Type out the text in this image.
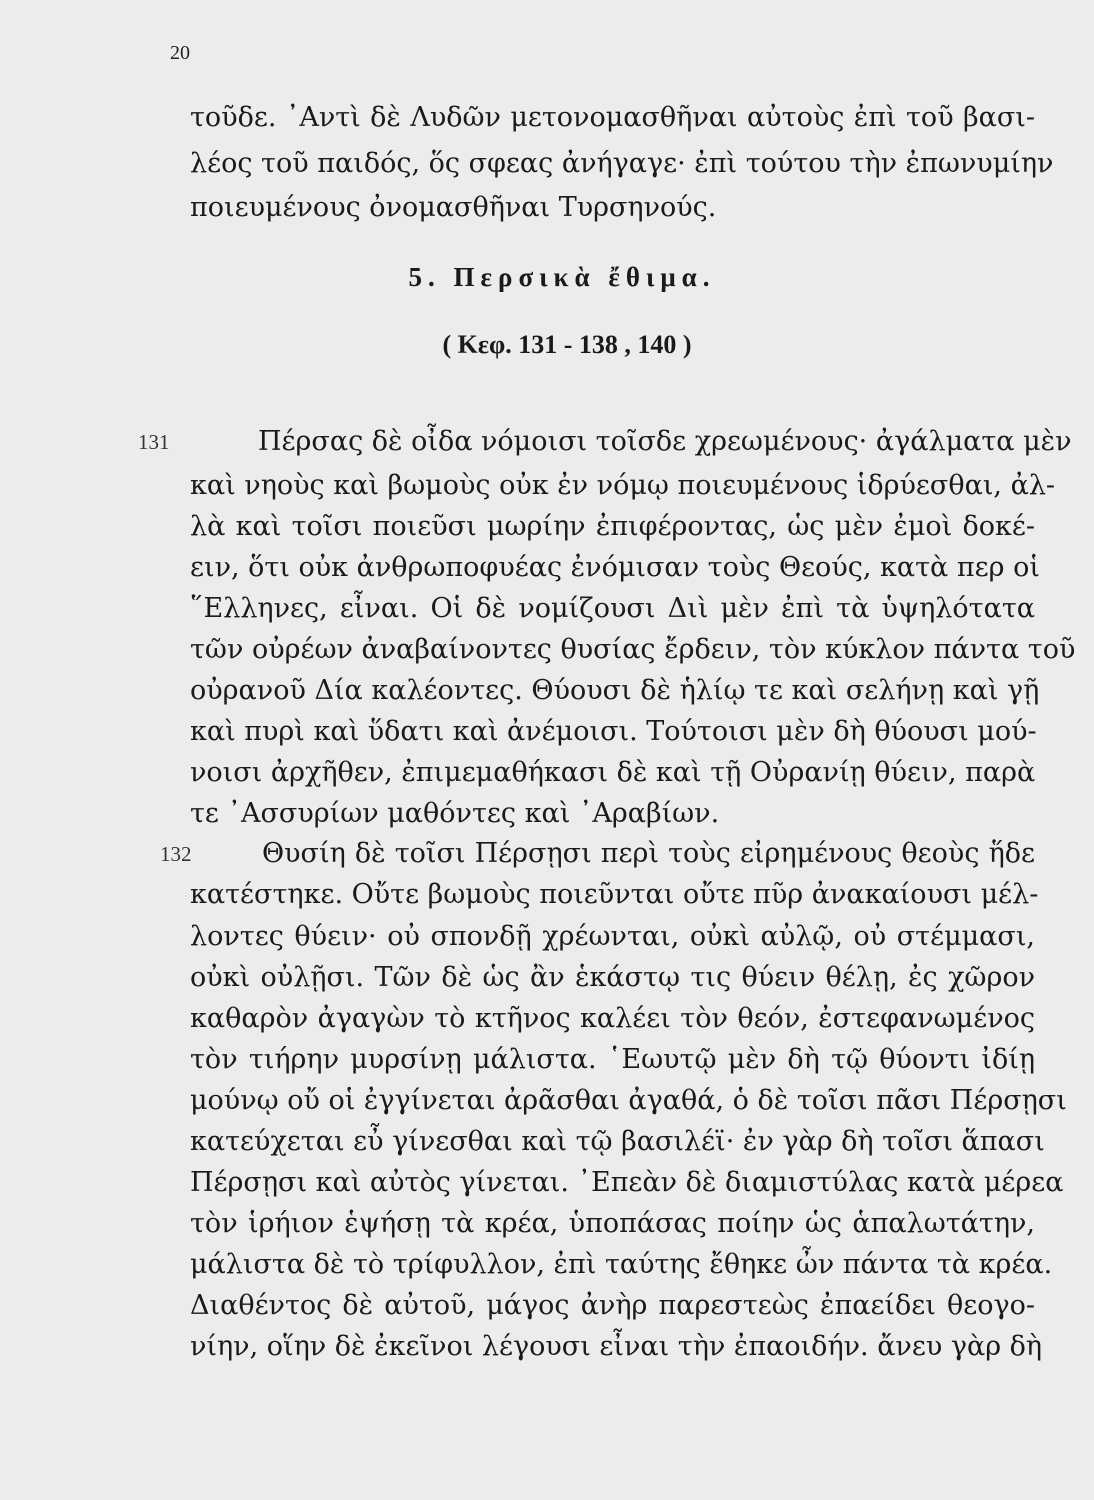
20
τοῦδε. ᾿Αντὶ δὲ Λυδῶν μετονομασθῆναι αὐτοὺς ἐπὶ τοῦ βασι-
λέος τοῦ παιδός, ὅς σφεας ἀνήγαγε· ἐπὶ τούτου τὴν ἐπωνυμίην
ποιευμένους ὀνομασθῆναι Τυρσηνούς.
5. Περσικὰ ἔθιμα.
( Κεφ. 131 - 138 , 140 )
131	Πέρσας δὲ οἶδα νόμοισι τοῖσδε χρεωμένους· ἀγάλματα μὲν
καὶ νηοὺς καὶ βωμοὺς οὐκ ἐν νόμῳ ποιευμένους ἱδρύεσθαι, ἀλ-
λὰ καὶ τοῖσι ποιεῦσι μωρίην ἐπιφέροντας, ὡς μὲν ἐμοὶ δοκέ-
ειν, ὅτι οὐκ ἀνθρωποφυέας ἐνόμισαν τοὺς Θεούς, κατὰ περ οἱ
῞Ελληνες, εἶναι. Οἱ δὲ νομίζουσι Διὶ μὲν ἐπὶ τὰ ὑψηλότατα
τῶν οὐρέων ἀναβαίνοντες θυσίας ἔρδειν, τὸν κύκλον πάντα τοῦ
οὐρανοῦ Δία καλέοντες. Θύουσι δὲ ἡλίῳ τε καὶ σελήνῃ καὶ γῇ
καὶ πυρὶ καὶ ὕδατι καὶ ἀνέμοισι. Τούτοισι μὲν δὴ θύουσι μού-
νοισι ἀρχῆθεν, ἐπιμεμαθήκασι δὲ καὶ τῇ Οὐρανίῃ θύειν, παρὰ
τε ᾿Ασσυρίων μαθόντες καὶ ᾿Αραβίων.
132	Θυσίη δὲ τοῖσι Πέρσῃσι περὶ τοὺς εἰρημένους θεοὺς ἥδε
κατέστηκε. Οὔτε βωμοὺς ποιεῦνται οὔτε πῦρ ἀνακαίουσι μέλ-
λοντες θύειν· οὐ σπονδῇ χρέωνται, οὐκὶ αὐλῷ, οὐ στέμμασι,
οὐκὶ οὐλῇσι. Τῶν δὲ ὡς ἂν ἑκάστῳ τις θύειν θέλῃ, ἐς χῶρον
καθαρὸν ἀγαγὼν τὸ κτῆνος καλέει τὸν θεόν, ἐστεφανωμένος
τὸν τιήρην μυρσίνῃ μάλιστα. ῾Εωυτῷ μὲν δὴ τῷ θύοντι ἰδίῃ
μούνῳ οὔ οἱ ἐγγίνεται ἀρᾶσθαι ἀγαθά, ὁ δὲ τοῖσι πᾶσι Πέρσῃσι
κατεύχεται εὖ γίνεσθαι καὶ τῷ βασιλέϊ· ἐν γὰρ δὴ τοῖσι ἅπασι
Πέρσῃσι καὶ αὐτὸς γίνεται. ᾿Επεὰν δὲ διαμιστύλας κατὰ μέρεα
τὸν ἱρήιον ἑψήσῃ τὰ κρέα, ὑποπάσας ποίην ὡς ἁπαλωτάτην,
μάλιστα δὲ τὸ τρίφυλλον, ἐπὶ ταύτης ἔθηκε ὦν πάντα τὰ κρέα.
Διαθέντος δὲ αὐτοῦ, μάγος ἀνὴρ παρεστεὼς ἐπαείδει θεογο-
νίην, οἵην δὲ ἐκεῖνοι λέγουσι εἶναι τὴν ἐπαοιδήν. ἄνευ γὰρ δὴ
